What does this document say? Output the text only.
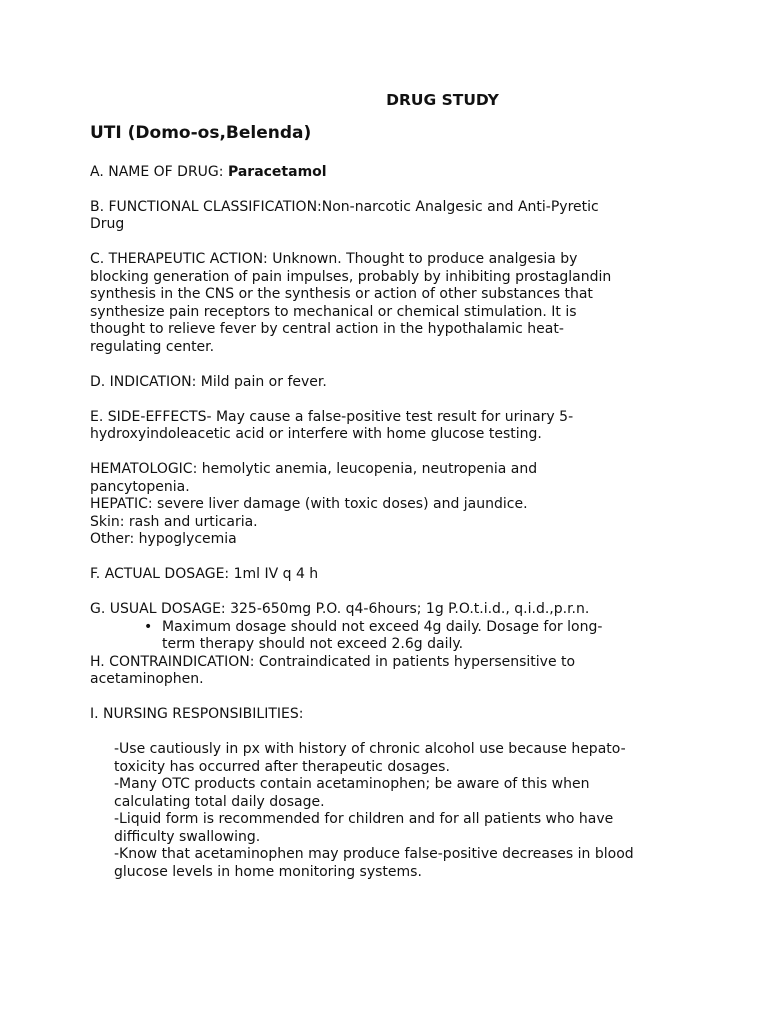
DRUG STUDY
UTI (Domo-os,Belenda)

A. NAME OF DRUG: Paracetamol

B. FUNCTIONAL CLASSIFICATION:Non-narcotic Analgesic and Anti-Pyretic

Drug

C. THERAPEUTIC ACTION: Unknown. Thought to produce analgesia by

blocking generation of pain impulses, probably by inhibiting prostaglandin

synthesis in the CNS or the synthesis or action of other substances that

synthesize pain receptors to mechanical or chemical stimulation. It is

thought to relieve fever by central action in the hypothalamic heat-

regulating center.

D. INDICATION: Mild pain or fever.

E. SIDE-EFFECTS- May cause a false-positive test result for urinary 5-

hydroxyindoleacetic acid or interfere with home glucose testing.

HEMATOLOGIC: hemolytic anemia, leucopenia, neutropenia and

pancytopenia.

HEPATIC: severe liver damage (with toxic doses) and jaundice.

Skin: rash and urticaria.

Other: hypoglycemia

F. ACTUAL DOSAGE: 1ml IV q 4 h

G. USUAL DOSAGE: 325-650mg P.O. q4-6hours; 1g P.O.t.i.d., q.i.d.,p.r.n.

• Maximum dosage should not exceed 4g daily. Dosage for long-
term therapy should not exceed 2.6g daily.

H. CONTRAINDICATION: Contraindicated in patients hypersensitive to

acetaminophen.

I. NURSING RESPONSIBILITIES:

-Use cautiously in px with history of chronic alcohol use because hepato-

toxicity has occurred after therapeutic dosages.

-Many OTC products contain acetaminophen; be aware of this when

calculating total daily dosage.

-Liquid form is recommended for children and for all patients who have

difficulty swallowing.

-Know that acetaminophen may produce false-positive decreases in blood

glucose levels in home monitoring systems.
